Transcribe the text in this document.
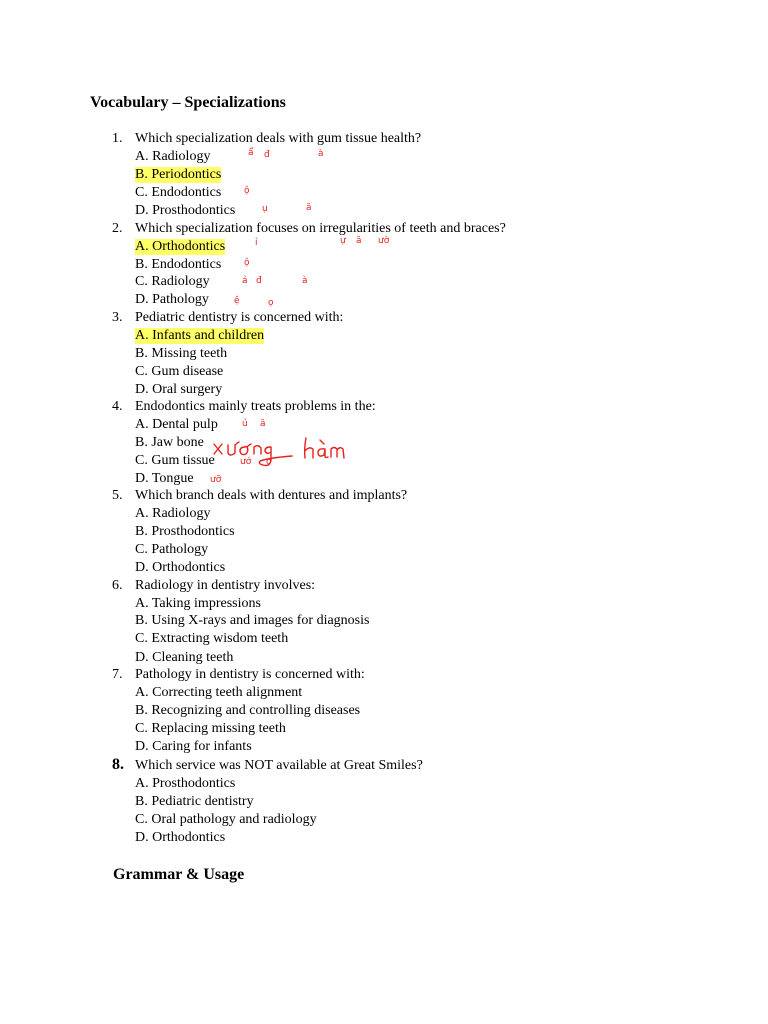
Vocabulary – Specializations
1. Which specialization deals with gum tissue health?
A. Radiology
B. Periodontics
C. Endodontics
D. Prosthodontics
2. Which specialization focuses on irregularities of teeth and braces?
A. Orthodontics
B. Endodontics
C. Radiology
D. Pathology
3. Pediatric dentistry is concerned with:
A. Infants and children
B. Missing teeth
C. Gum disease
D. Oral surgery
4. Endodontics mainly treats problems in the:
A. Dental pulp
B. Jaw bone
C. Gum tissue
D. Tongue
5. Which branch deals with dentures and implants?
A. Radiology
B. Prosthodontics
C. Pathology
D. Orthodontics
6. Radiology in dentistry involves:
A. Taking impressions
B. Using X-rays and images for diagnosis
C. Extracting wisdom teeth
D. Cleaning teeth
7. Pathology in dentistry is concerned with:
A. Correcting teeth alignment
B. Recognizing and controlling diseases
C. Replacing missing teeth
D. Caring for infants
8. Which service was NOT available at Great Smiles?
A. Prosthodontics
B. Pediatric dentistry
C. Oral pathology and radiology
D. Orthodontics
Grammar & Usage
ẩ đ	à
ộ
ụ	ă
ỉ	ự ă ườ
ộ
ả đ	à
ệ	ọ
ủ ă
ướ ợ
ưỡ
